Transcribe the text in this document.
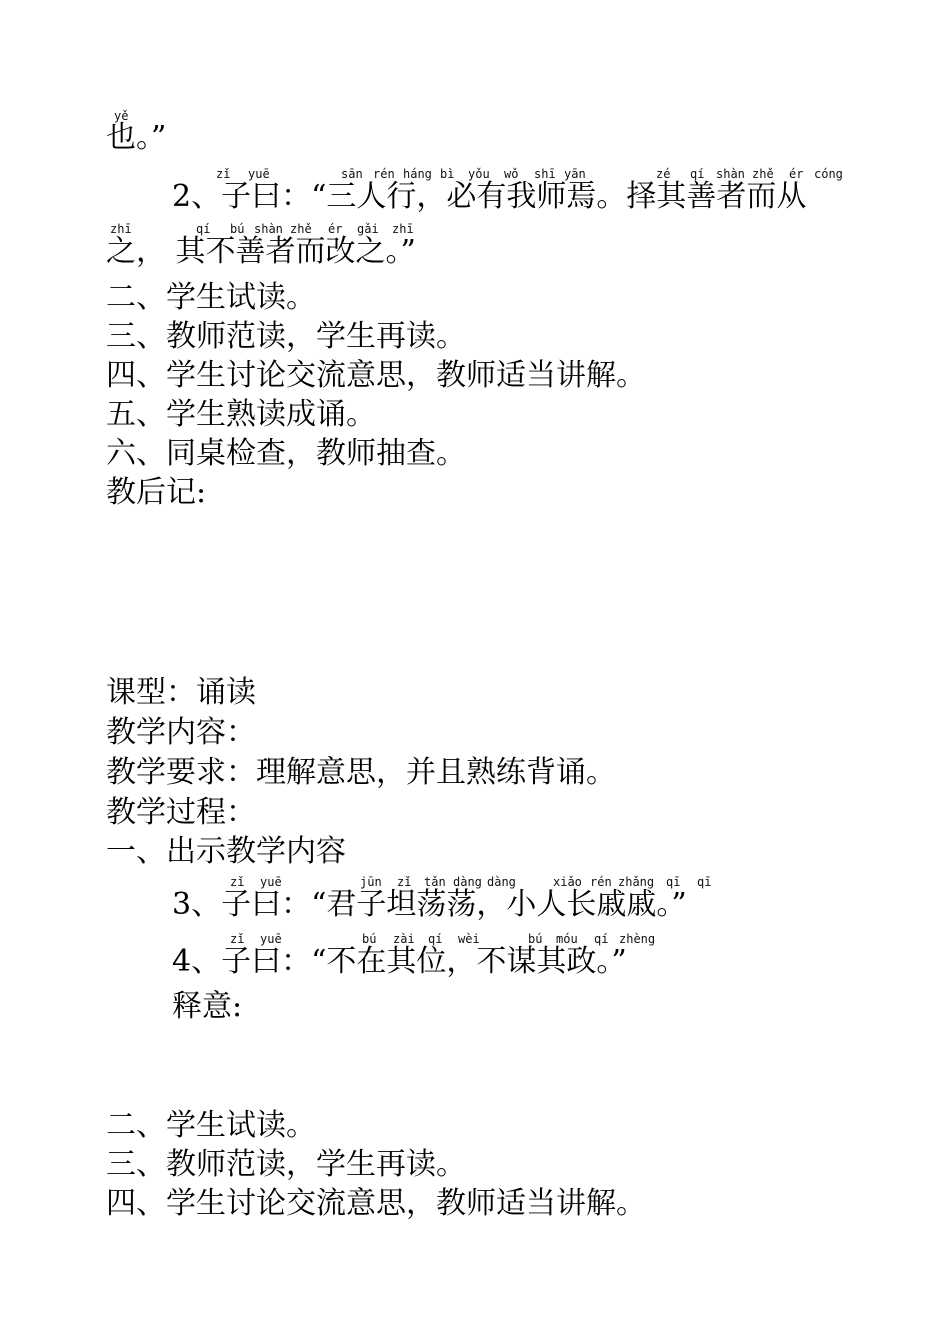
yě
也。”
zǐ yuē	sān rén háng bì yǒu wǒ shī yān	zé qí shàn zhě ér cóng
2、子曰：“三人行，必有我师焉。择其善者而从
zhī	qí bú shàn zhě ér gǎi zhī
之， 其不善者而改之。”
二、学生试读。
三、教师范读，学生再读。
四、学生讨论交流意思，教师适当讲解。
五、学生熟读成诵。
六、同桌检查，教师抽查。
教后记:
课型：诵读
教学内容：
教学要求：理解意思，并且熟练背诵。
教学过程：
一、出示教学内容
zǐ yuē	jūn zǐ tǎn dàng dàng	xiǎo rén zhǎng qī qī
3、子曰：“君子坦荡荡，小人长戚戚。”
zǐ yuē	bú zài qí wèi	bú móu qí zhèng
4、子曰：“不在其位，不谋其政。”
释意:
二、学生试读。
三、教师范读，学生再读。
四、学生讨论交流意思，教师适当讲解。
